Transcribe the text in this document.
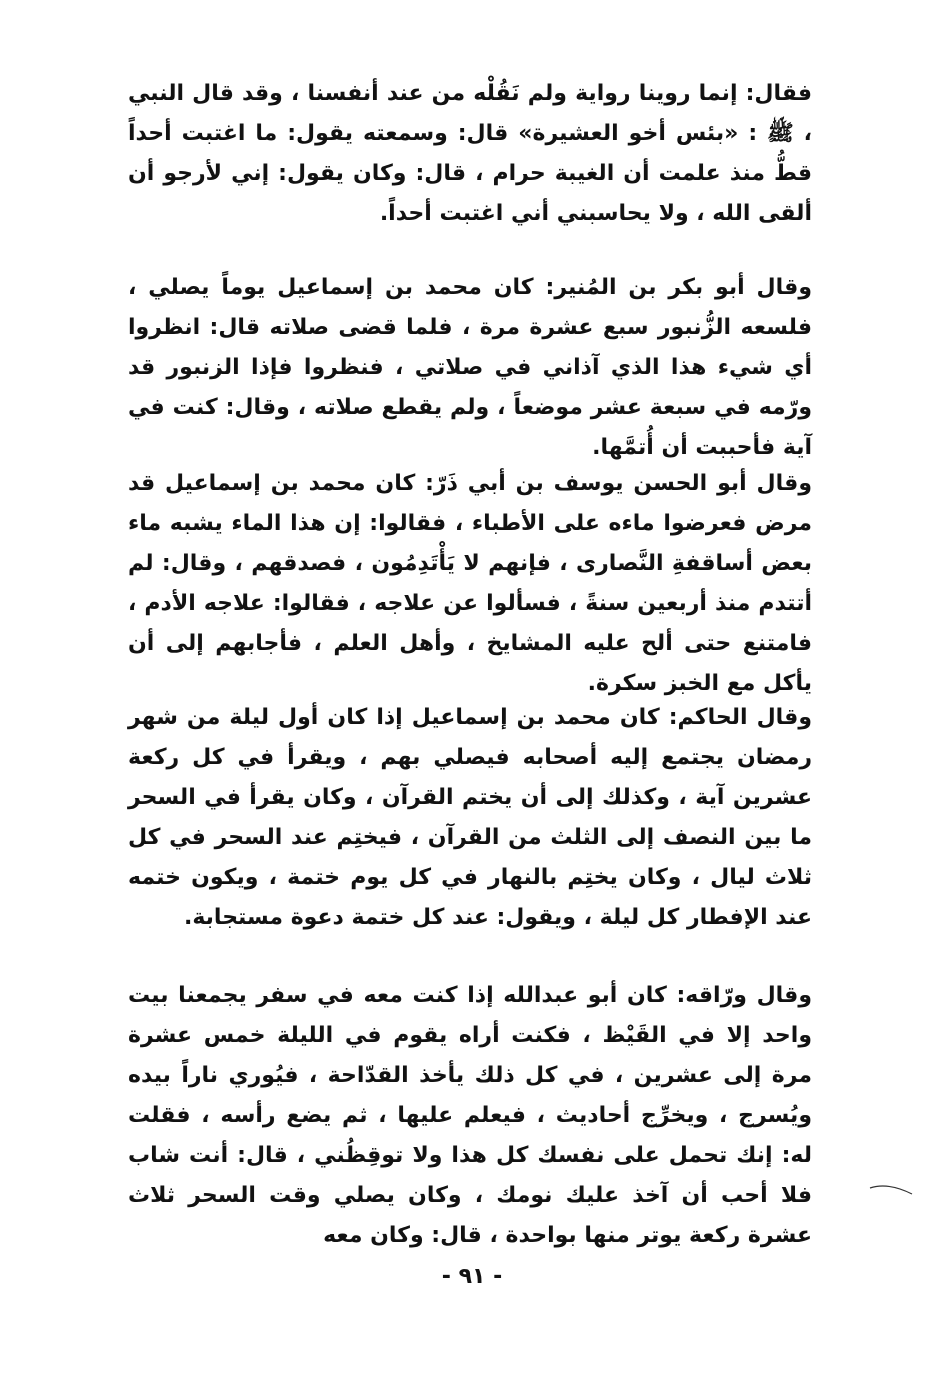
فقال: إنما روينا رواية ولم نَقُلْه من عند أنفسنا ، وقد قال النبي ، ﷺ : «بئس أخو العشيرة» قال: وسمعته يقول: ما اغتبت أحداً قطُّ منذ علمت أن الغيبة حرام ، قال: وكان يقول: إني لأرجو أن ألقى الله ، ولا يحاسبني أني اغتبت أحداً.

وقال أبو بكر بن المُنير: كان محمد بن إسماعيل يوماً يصلي ، فلسعه الزُّنبور سبع عشرة مرة ، فلما قضى صلاته قال: انظروا أي شيء هذا الذي آذاني في صلاتي ، فنظروا فإذا الزنبور قد ورّمه في سبعة عشر موضعاً ، ولم يقطع صلاته ، وقال: كنت في آية فأحببت أن أُتمَّها.

وقال أبو الحسن يوسف بن أبي ذَرّ: كان محمد بن إسماعيل قد مرض فعرضوا ماءه على الأطباء ، فقالوا: إن هذا الماء يشبه ماء بعض أساقفةِ النَّصارى ، فإنهم لا يَأْتَدِمُون ، فصدقهم ، وقال: لم أتتدم منذ أربعين سنةً ، فسألوا عن علاجه ، فقالوا: علاجه الأدم ، فامتنع حتى ألح عليه المشايخ ، وأهل العلم ، فأجابهم إلى أن يأكل مع الخبز سكرة.

وقال الحاكم: كان محمد بن إسماعيل إذا كان أول ليلة من شهر رمضان يجتمع إليه أصحابه فيصلي بهم ، ويقرأ في كل ركعة عشرين آية ، وكذلك إلى أن يختم القرآن ، وكان يقرأ في السحر ما بين النصف إلى الثلث من القرآن ، فيختِم عند السحر في كل ثلاث ليال ، وكان يختِم بالنهار في كل يوم ختمة ، ويكون ختمه عند الإفطار كل ليلة ، ويقول: عند كل ختمة دعوة مستجابة.

وقال ورّاقه: كان أبو عبدالله إذا كنت معه في سفر يجمعنا بيت واحد إلا في القَيْظ ، فكنت أراه يقوم في الليلة خمس عشرة مرة إلى عشرين ، في كل ذلك يأخذ القدّاحة ، فيُوري ناراً بيده ويُسرج ، ويخرِّج أحاديث ، فيعلم عليها ، ثم يضع رأسه ، فقلت له: إنك تحمل على نفسك كل هذا ولا توقِظُني ، قال: أنت شاب فلا أحب أن آخذ عليك نومك ، وكان يصلي وقت السحر ثلاث عشرة ركعة يوتر منها بواحدة ، قال: وكان معه

- ٩١ -
